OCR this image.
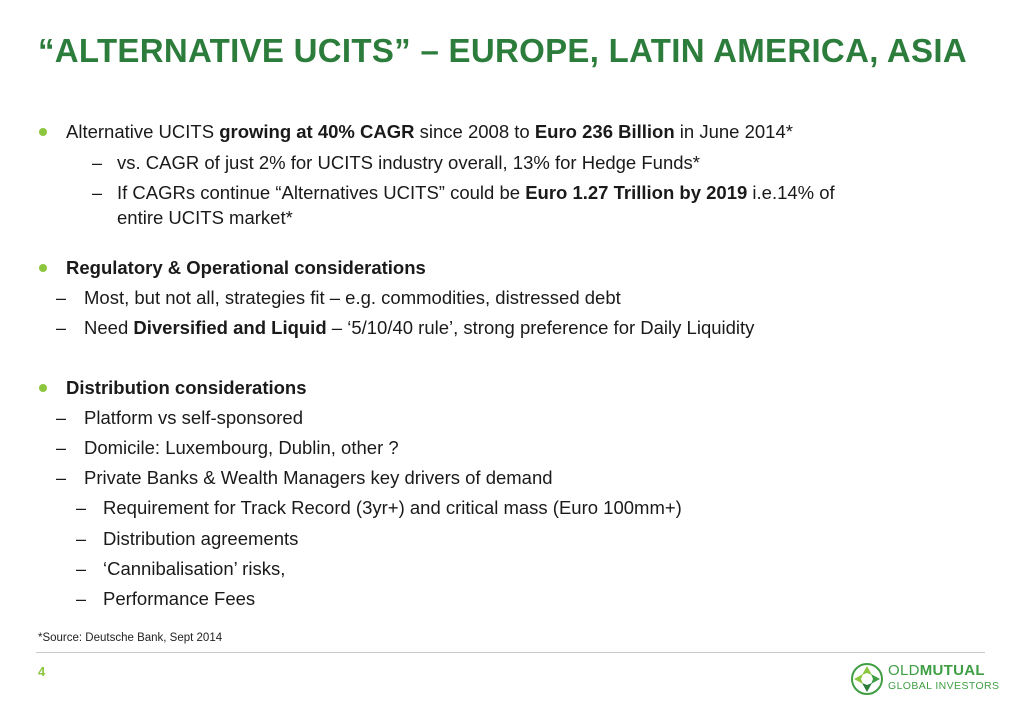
“ALTERNATIVE UCITS” – EUROPE, LATIN AMERICA, ASIA
Alternative UCITS growing at 40% CAGR since 2008 to Euro 236 Billion in June 2014*
– vs. CAGR of just 2% for UCITS industry overall, 13% for Hedge Funds*
– If CAGRs continue “Alternatives UCITS” could be Euro 1.27 Trillion by 2019 i.e.14% of
entire UCITS market*
Regulatory & Operational considerations
– Most, but not all, strategies fit – e.g. commodities, distressed debt
– Need Diversified and Liquid – ‘5/10/40 rule’, strong preference for Daily Liquidity
Distribution considerations
– Platform vs self-sponsored
– Domicile: Luxembourg, Dublin, other ?
– Private Banks & Wealth Managers key drivers of demand
– Requirement for Track Record (3yr+) and critical mass (Euro 100mm+)
– Distribution agreements
– ‘Cannibalisation’ risks,
– Performance Fees
*Source: Deutsche Bank, Sept 2014
4	OLDMUTUAL
GLOBAL INVESTORS
